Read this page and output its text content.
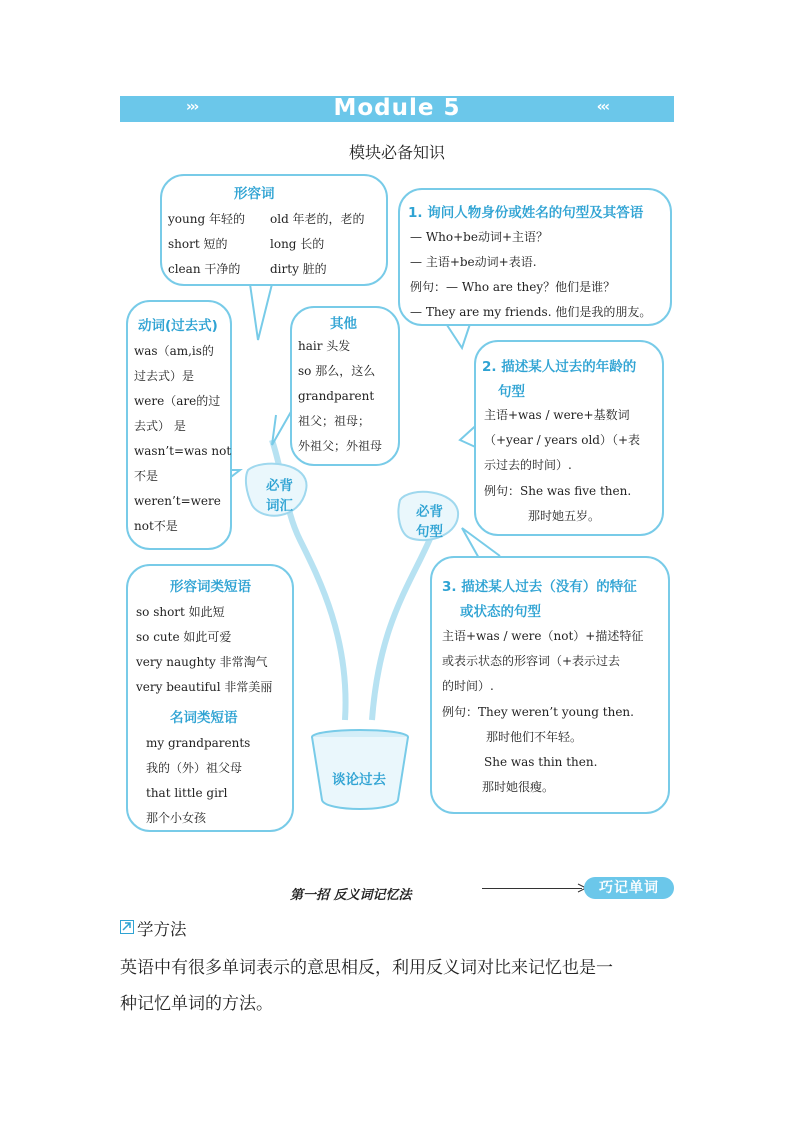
›››	Module 5	‹‹‹
模块必备知识
形容词
young 年轻的 old 年老的，老的
short 短的	long 长的
clean 干净的 dirty 脏的
动词(过去式)
was（am,is的
过去式）是
were（are的过
去式） 是
wasn’t=was not
不是
weren’t=were
not不是
其他
hair 头发
so 那么，这么
grandparent
祖父；祖母；
外祖父；外祖母
形容词类短语
so short 如此短
so cute 如此可爱
very naughty 非常淘气
very beautiful 非常美丽
名词类短语
my grandparents
我的（外）祖父母
that little girl
那个小女孩
1. 询问人物身份或姓名的句型及其答语
— Who+be动词+主语？
— 主语+be动词+表语.
例句：— Who are they？他们是谁？
— They are my friends. 他们是我的朋友。
2. 描述某人过去的年龄的
句型
主语+was / were+基数词
（+year / years old）（+表
示过去的时间）.
例句：She was five then.
那时她五岁。
3. 描述某人过去（没有）的特征
或状态的句型
主语+was / were（not）+描述特征
或表示状态的形容词（+表示过去
的时间）.
例句：They weren’t young then.
那时他们不年轻。
She was thin then.
那时她很瘦。
必背
词汇	必背
句型
谈论过去
第一招 反义词记忆法	巧记单词
学方法
英语中有很多单词表示的意思相反，利用反义词对比来记忆也是一
种记忆单词的方法。
